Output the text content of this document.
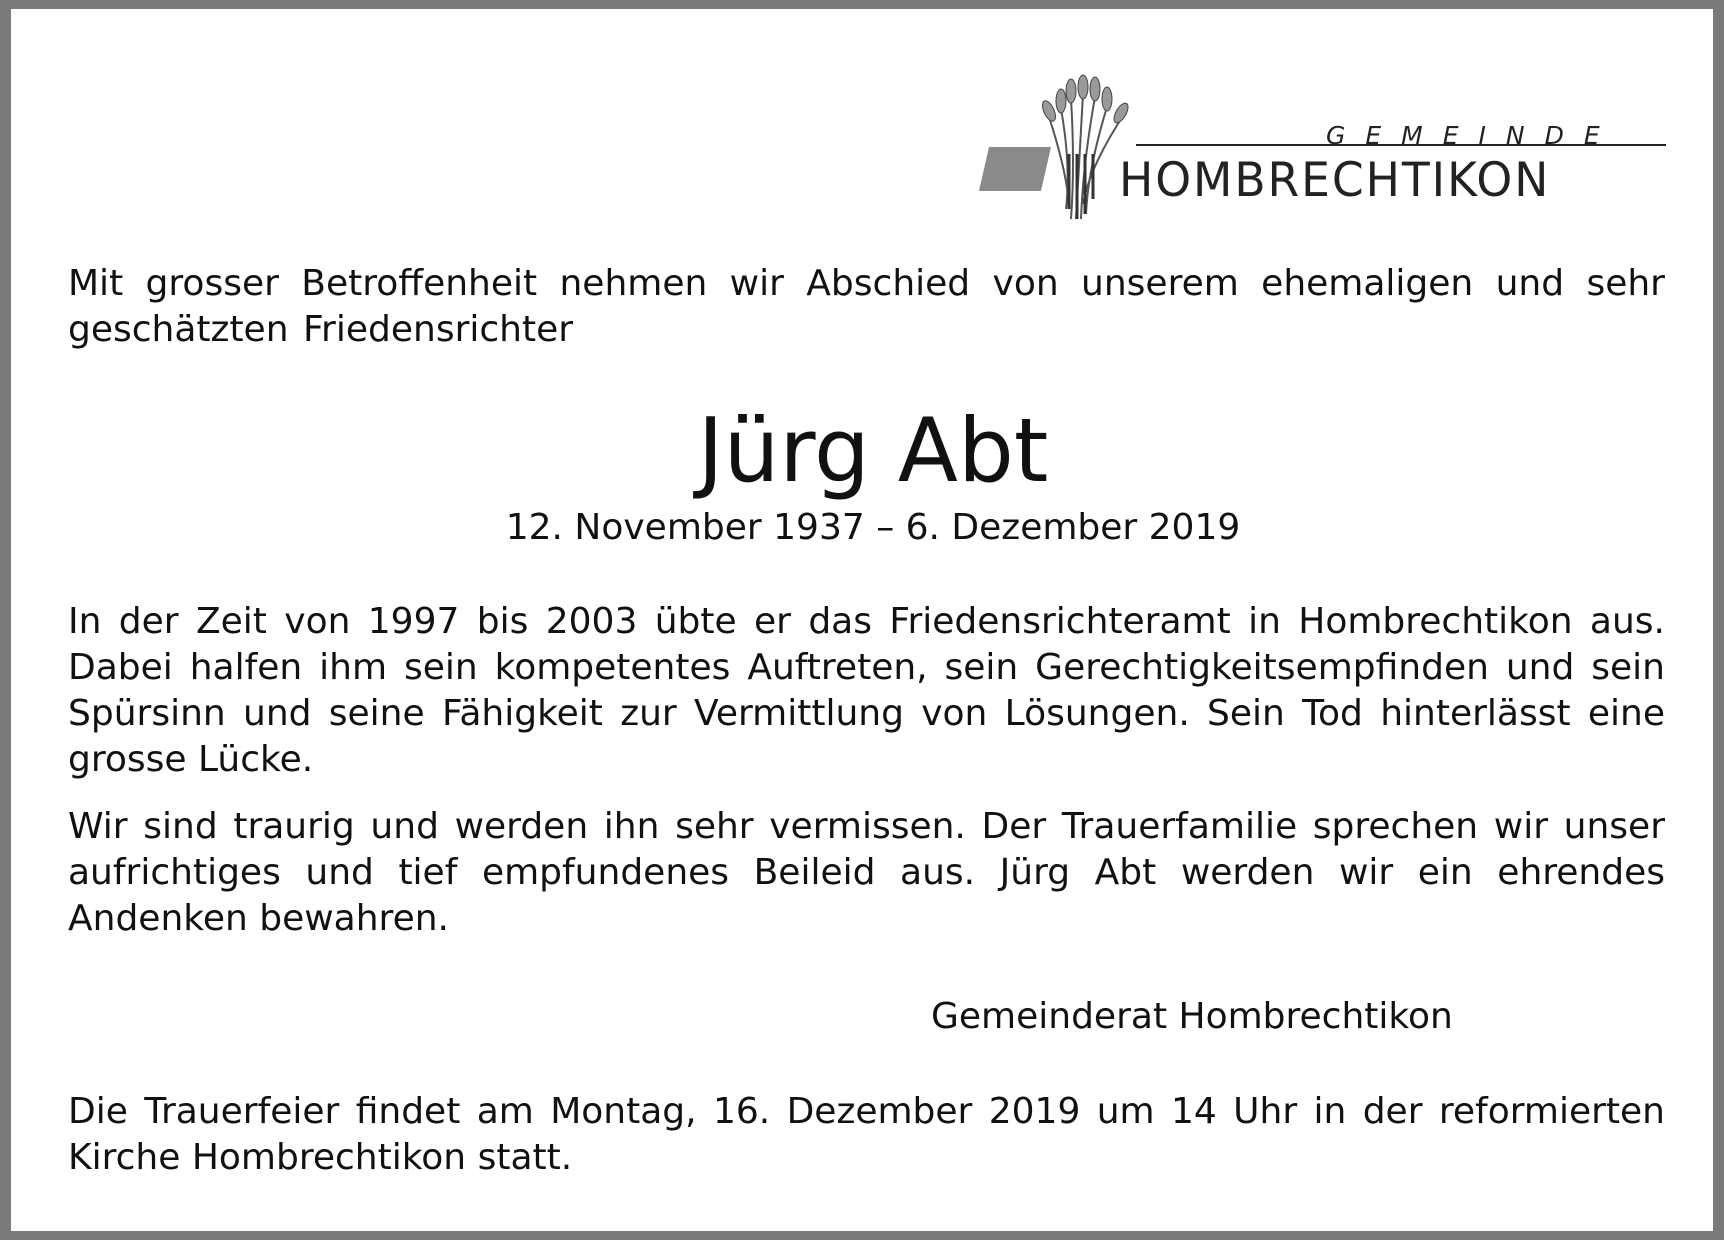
GEMEINDE
HOMBRECHTIKON
Mit grosser Betroffenheit nehmen wir Abschied von unserem ehemaligen und sehr geschätzten Friedensrichter
Jürg Abt
12. November 1937 – 6. Dezember 2019
In der Zeit von 1997 bis 2003 übte er das Friedensrichteramt in Hombrechtikon aus. Dabei halfen ihm sein kompetentes Auftreten, sein Gerechtigkeitsempfinden und sein Spürsinn und seine Fähigkeit zur Vermittlung von Lösungen. Sein Tod hinterlässt eine grosse Lücke.
Wir sind traurig und werden ihn sehr vermissen. Der Trauerfamilie sprechen wir unser aufrichtiges und tief empfundenes Beileid aus. Jürg Abt werden wir ein ehrendes Andenken bewahren.
Gemeinderat Hombrechtikon
Die Trauerfeier findet am Montag, 16. Dezember 2019 um 14 Uhr in der reformierten Kirche Hombrechtikon statt.
